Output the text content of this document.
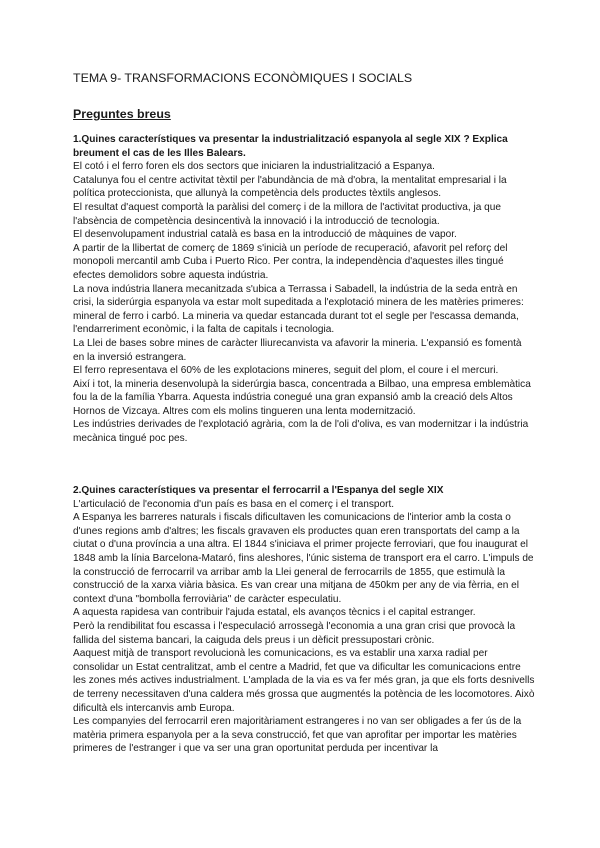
TEMA 9- TRANSFORMACIONS ECONÒMIQUES I SOCIALS
Preguntes breus

1.Quines característiques va presentar la industrialització espanyola al segle XIX ? Explica breument el cas de les Illes Balears.

El cotó i el ferro foren els dos sectors que iniciaren la industrialització a Espanya.

Catalunya fou el centre activitat tèxtil per l'abundància de mà d'obra, la mentalitat empresarial i la política proteccionista, que allunyà la competència dels productes tèxtils anglesos.

El resultat d'aquest comportà la paràlisi del comerç i de la millora de l'activitat productiva, ja que l'absència de competència desincentivà la innovació i la introducció de tecnologia.

El desenvolupament industrial català es basa en la introducció de màquines de vapor.

A partir de la llibertat de comerç de 1869 s'inicià un període de recuperació, afavorit pel reforç del monopoli mercantil amb Cuba i Puerto Rico. Per contra, la independència d'aquestes illes tingué efectes demolidors sobre aquesta indústria.

La nova indústria llanera mecanitzada s'ubica a Terrassa i Sabadell, la indústria de la seda entrà en crisi, la siderúrgia espanyola va estar molt supeditada a l'explotació minera de les matèries primeres: mineral de ferro i carbó. La mineria va quedar estancada durant tot el segle per l'escassa demanda, l'endarreriment econòmic, i la falta de capitals i tecnologia.

La Llei de bases sobre mines de caràcter lliurecanvista va afavorir la mineria. L'expansió es fomentà en la inversió estrangera.

El ferro representava el 60% de les explotacions mineres, seguit del plom, el coure i el mercuri.

Així i tot, la mineria desenvolupà la siderúrgia basca, concentrada a Bilbao, una empresa emblemàtica fou la de la família Ybarra. Aquesta indústria conegué una gran expansió amb la creació dels Altos Hornos de Vizcaya. Altres com els molins tingueren una lenta modernització.

Les indústries derivades de l'explotació agrària, com la de l'oli d'oliva, es van modernitzar i la indústria mecànica tingué poc pes.

2.Quines característiques va presentar el ferrocarril a l'Espanya del segle XIX

L'articulació de l'economia d'un país es basa en el comerç i el transport.

A Espanya les barreres naturals i fiscals dificultaven les comunicacions de l'interior amb la costa o d'unes regions amb d'altres; les fiscals gravaven els productes quan eren transportats del camp a la ciutat o d'una província a una altra. El 1844 s'iniciava el primer projecte ferroviari, que fou inaugurat el 1848 amb la línia Barcelona-Mataró, fins aleshores, l'únic sistema de transport era el carro. L'impuls de la construcció de ferrocarril va arribar amb la Llei general de ferrocarrils de 1855, que estimulà la construcció de la xarxa viària bàsica. Es van crear una mitjana de 450km per any de via fèrria, en el context d'una "bombolla ferroviària" de caràcter especulatiu.

A aquesta rapidesa van contribuir l'ajuda estatal, els avanços tècnics i el capital estranger.

Però la rendibilitat fou escassa i l'especulació arrossegà l'economia a una gran crisi que provocà la fallida del sistema bancari, la caiguda dels preus i un dèficit pressupostari crònic.

Aaquest mitjà de transport revolucionà les comunicacions, es va establir una xarxa radial per consolidar un Estat centralitzat, amb el centre a Madrid, fet que va dificultar les comunicacions entre les zones més actives industrialment. L'amplada de la via es va fer més gran, ja que els forts desnivells de terreny necessitaven d'una caldera més grossa que augmentés la potència de les locomotores. Això dificultà els intercanvis amb Europa.

Les companyies del ferrocarril eren majoritàriament estrangeres i no van ser obligades a fer ús de la matèria primera espanyola per a la seva construcció, fet que van aprofitar per importar les matèries primeres de l'estranger i que va ser una gran oportunitat perduda per incentivar la
